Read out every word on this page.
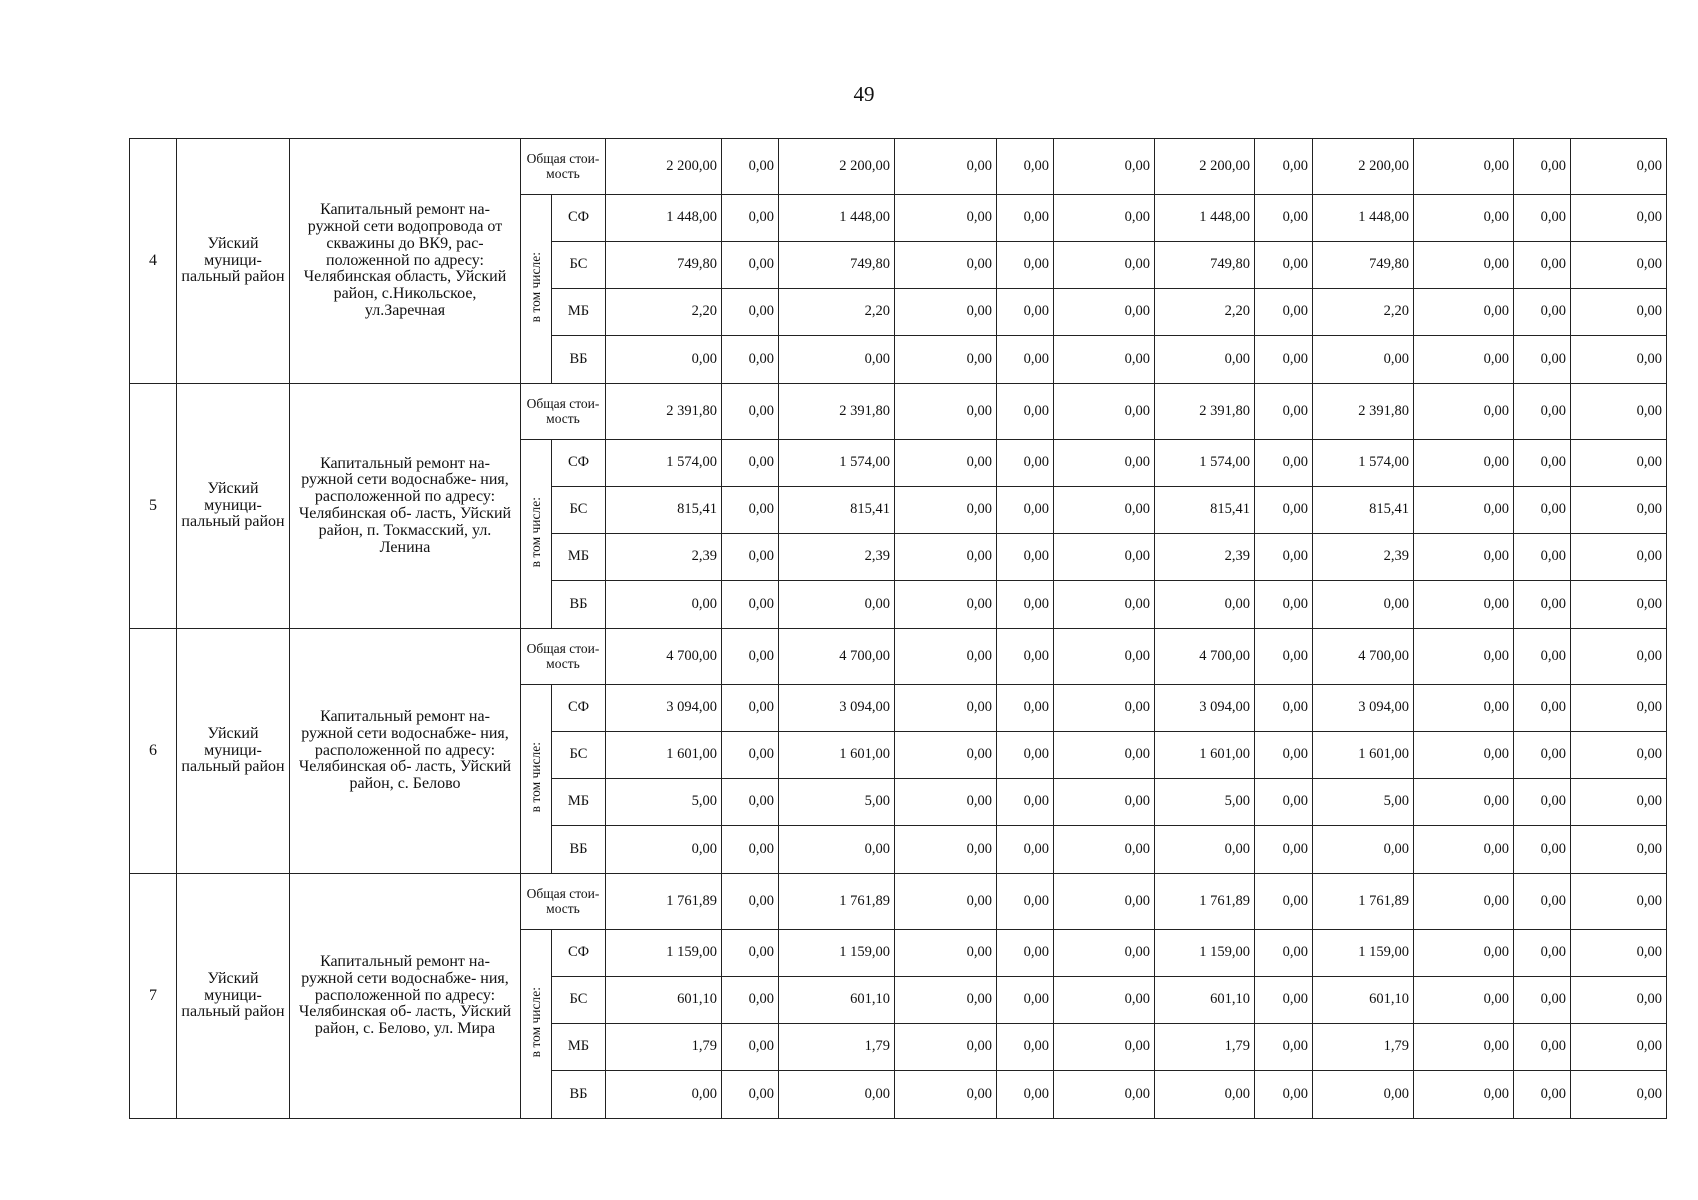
49
4	Уйский муници- пальный район	Капитальный ремонт на- ружной сети водопровода от скважины до ВК9, рас- положенной по адресу: Челябинская область, Уйский район, с.Никольское, ул.Заречная	Общая стои- мость		2 200,00	0,00	2 200,00	0,00	0,00	0,00	2 200,00	0,00	2 200,00	0,00	0,00	0,00
			в том числе:	СФ	1 448,00	0,00	1 448,00	0,00	0,00	0,00	1 448,00	0,00	1 448,00	0,00	0,00	0,00
				БС	749,80	0,00	749,80	0,00	0,00	0,00	749,80	0,00	749,80	0,00	0,00	0,00
				МБ	2,20	0,00	2,20	0,00	0,00	0,00	2,20	0,00	2,20	0,00	0,00	0,00
				ВБ	0,00	0,00	0,00	0,00	0,00	0,00	0,00	0,00	0,00	0,00	0,00	0,00
5	Уйский муници- пальный район	Капитальный ремонт на- ружной сети водоснабже- ния, расположенной по адресу: Челябинская об- ласть, Уйский район, п. Токмасский, ул. Ленина	Общая стои- мость		2 391,80	0,00	2 391,80	0,00	0,00	0,00	2 391,80	0,00	2 391,80	0,00	0,00	0,00
			в том числе:	СФ	1 574,00	0,00	1 574,00	0,00	0,00	0,00	1 574,00	0,00	1 574,00	0,00	0,00	0,00
				БС	815,41	0,00	815,41	0,00	0,00	0,00	815,41	0,00	815,41	0,00	0,00	0,00
				МБ	2,39	0,00	2,39	0,00	0,00	0,00	2,39	0,00	2,39	0,00	0,00	0,00
				ВБ	0,00	0,00	0,00	0,00	0,00	0,00	0,00	0,00	0,00	0,00	0,00	0,00
6	Уйский муници- пальный район	Капитальный ремонт на- ружной сети водоснабже- ния, расположенной по адресу: Челябинская об- ласть, Уйский район, с. Белово	Общая стои- мость		4 700,00	0,00	4 700,00	0,00	0,00	0,00	4 700,00	0,00	4 700,00	0,00	0,00	0,00
			в том числе:	СФ	3 094,00	0,00	3 094,00	0,00	0,00	0,00	3 094,00	0,00	3 094,00	0,00	0,00	0,00
				БС	1 601,00	0,00	1 601,00	0,00	0,00	0,00	1 601,00	0,00	1 601,00	0,00	0,00	0,00
				МБ	5,00	0,00	5,00	0,00	0,00	0,00	5,00	0,00	5,00	0,00	0,00	0,00
				ВБ	0,00	0,00	0,00	0,00	0,00	0,00	0,00	0,00	0,00	0,00	0,00	0,00
7	Уйский муници- пальный район	Капитальный ремонт на- ружной сети водоснабже- ния, расположенной по адресу: Челябинская об- ласть, Уйский район, с. Белово, ул. Мира	Общая стои- мость		1 761,89	0,00	1 761,89	0,00	0,00	0,00	1 761,89	0,00	1 761,89	0,00	0,00	0,00
			в том числе:	СФ	1 159,00	0,00	1 159,00	0,00	0,00	0,00	1 159,00	0,00	1 159,00	0,00	0,00	0,00
				БС	601,10	0,00	601,10	0,00	0,00	0,00	601,10	0,00	601,10	0,00	0,00	0,00
				МБ	1,79	0,00	1,79	0,00	0,00	0,00	1,79	0,00	1,79	0,00	0,00	0,00
				ВБ	0,00	0,00	0,00	0,00	0,00	0,00	0,00	0,00	0,00	0,00	0,00	0,00
